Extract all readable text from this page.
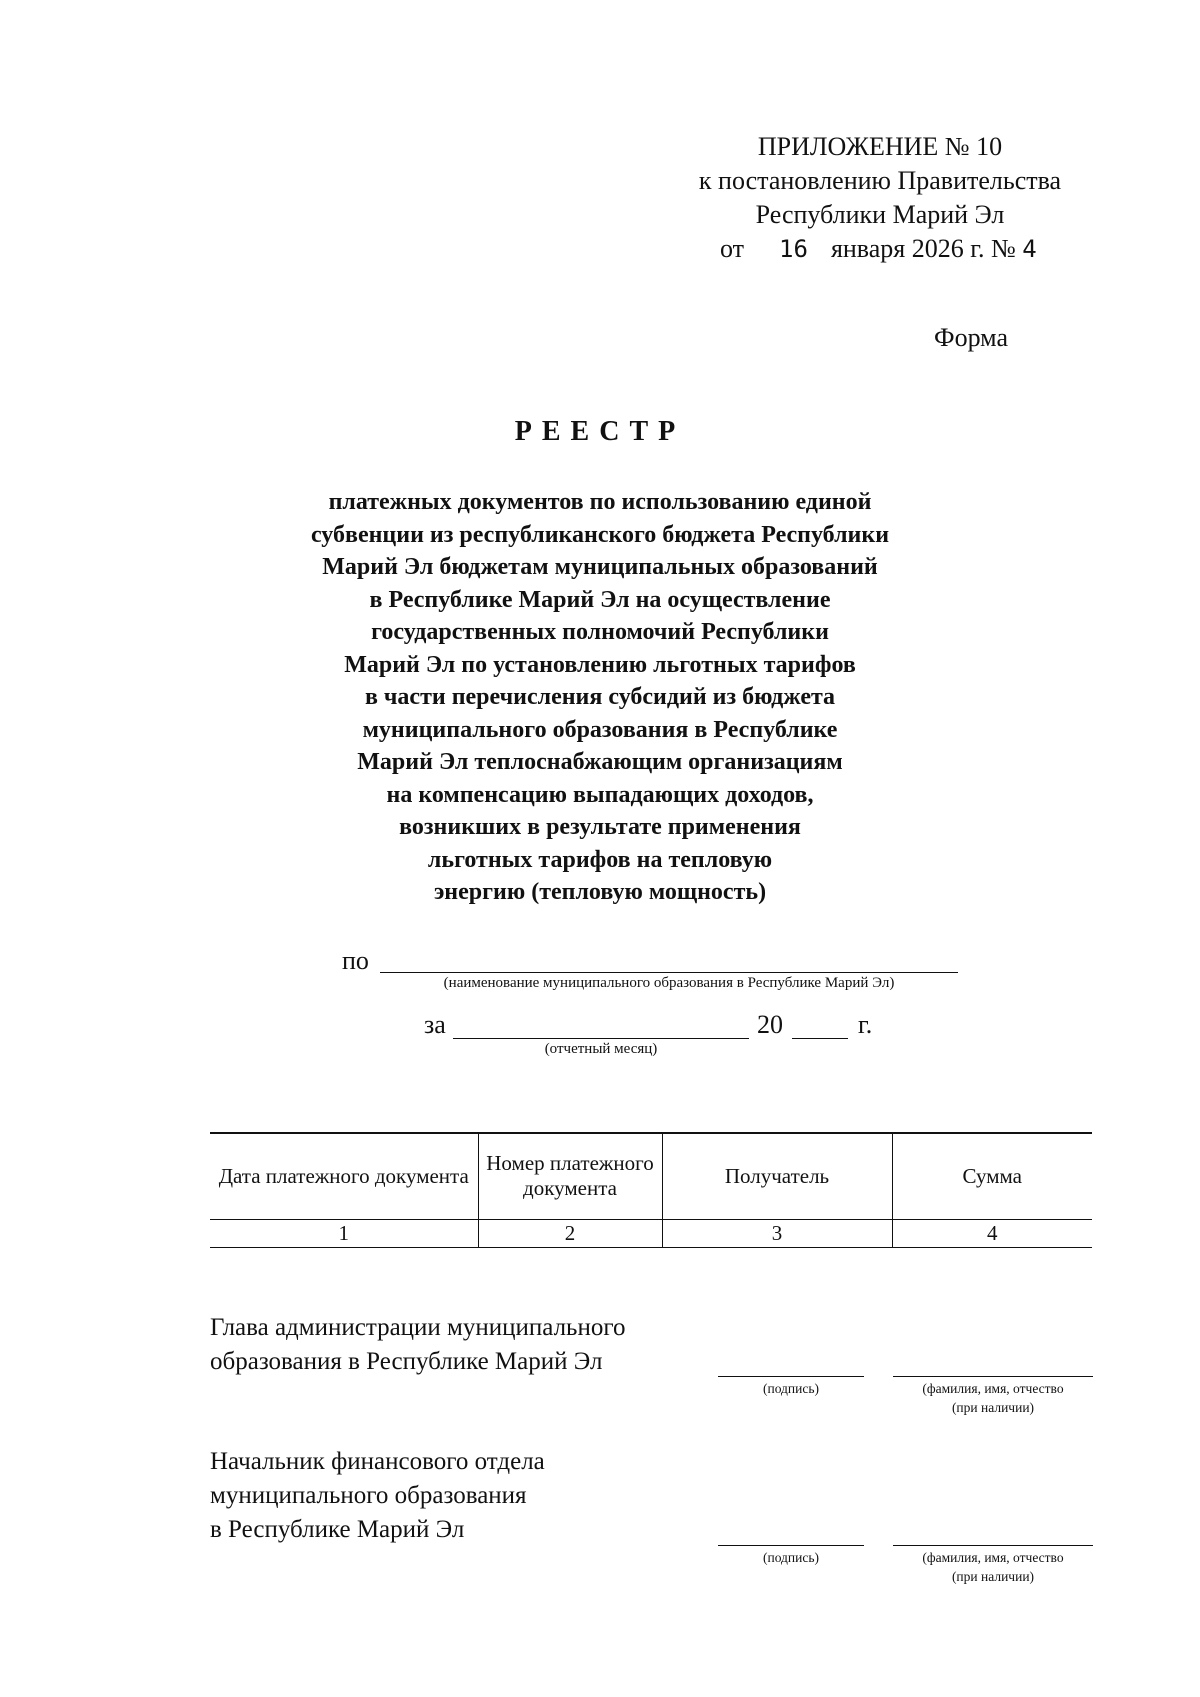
ПРИЛОЖЕНИЕ № 10
к постановлению Правительства
Республики Марий Эл
от 16 января 2026 г. № 4
Форма
РЕЕСТР
платежных документов по использованию единой
субвенции из республиканского бюджета Республики
Марий Эл бюджетам муниципальных образований
в Республике Марий Эл на осуществление
государственных полномочий Республики
Марий Эл по установлению льготных тарифов
в части перечисления субсидий из бюджета
муниципального образования в Республике
Марий Эл теплоснабжающим организациям
на компенсацию выпадающих доходов,
возникших в результате применения
льготных тарифов на тепловую
энергию (тепловую мощность)
по
(наименование муниципального образования в Республике Марий Эл)
за
(отчетный месяц)
20	г.
Дата платежного документа	Номер платежного документа	Получатель	Сумма
1	2	3	4
Глава администрации муниципального
образования в Республике Марий Эл
(подпись)	(фамилия, имя, отчество
(при наличии)
Начальник финансового отдела
муниципального образования
в Республике Марий Эл
(подпись)	(фамилия, имя, отчество
(при наличии)
